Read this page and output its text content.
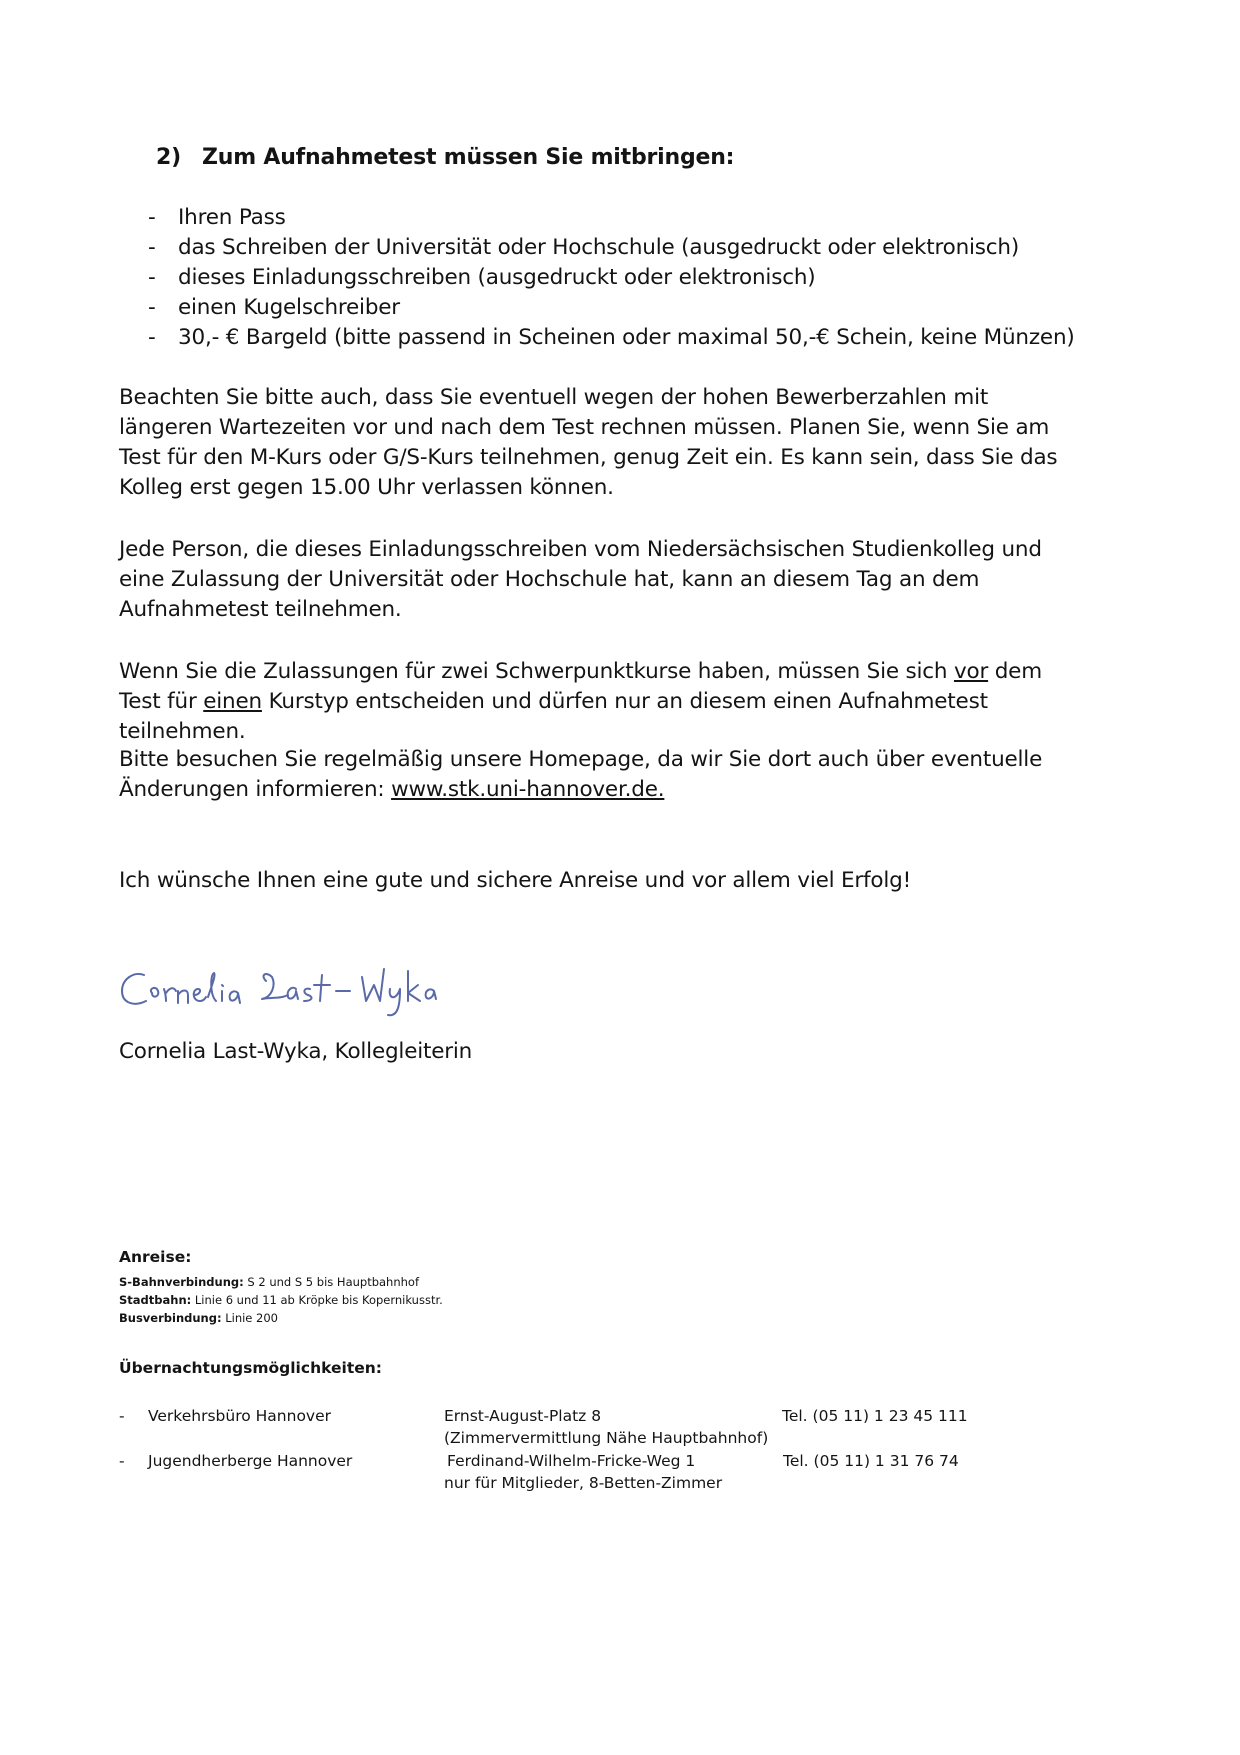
2) Zum Aufnahmetest müssen Sie mitbringen:
-	Ihren Pass
-	das Schreiben der Universität oder Hochschule (ausgedruckt oder elektronisch)
-	dieses Einladungsschreiben (ausgedruckt oder elektronisch)
-	einen Kugelschreiber
-	30,- € Bargeld (bitte passend in Scheinen oder maximal 50,-€ Schein, keine Münzen)

Beachten Sie bitte auch, dass Sie eventuell wegen der hohen Bewerberzahlen mit längeren Wartezeiten vor und nach dem Test rechnen müssen. Planen Sie, wenn Sie am Test für den M-Kurs oder G/S-Kurs teilnehmen, genug Zeit ein. Es kann sein, dass Sie das Kolleg erst gegen 15.00 Uhr verlassen können.

Jede Person, die dieses Einladungsschreiben vom Niedersächsischen Studienkolleg und eine Zulassung der Universität oder Hochschule hat, kann an diesem Tag an dem Aufnahmetest teilnehmen.

Wenn Sie die Zulassungen für zwei Schwerpunktkurse haben, müssen Sie sich vor dem Test für einen Kurstyp entscheiden und dürfen nur an diesem einen Aufnahmetest teilnehmen.

Bitte besuchen Sie regelmäßig unsere Homepage, da wir Sie dort auch über eventuelle Änderungen informieren: www.stk.uni-hannover.de.

Ich wünsche Ihnen eine gute und sichere Anreise und vor allem viel Erfolg!

Cornelia Last-Wyka, Kollegleiterin

Anreise:
S-Bahnverbindung: S 2 und S 5 bis Hauptbahnhof
Stadtbahn: Linie 6 und 11 ab Kröpke bis Kopernikusstr.
Busverbindung: Linie 200
Übernachtungsmöglichkeiten:
- Verkehrsbüro Hannover	Ernst-August-Platz 8	Tel. (05 11) 1 23 45 111
(Zimmervermittlung Nähe Hauptbahnhof)
- Jugendherberge Hannover	Ferdinand-Wilhelm-Fricke-Weg 1	Tel. (05 11) 1 31 76 74
nur für Mitglieder, 8-Betten-Zimmer
